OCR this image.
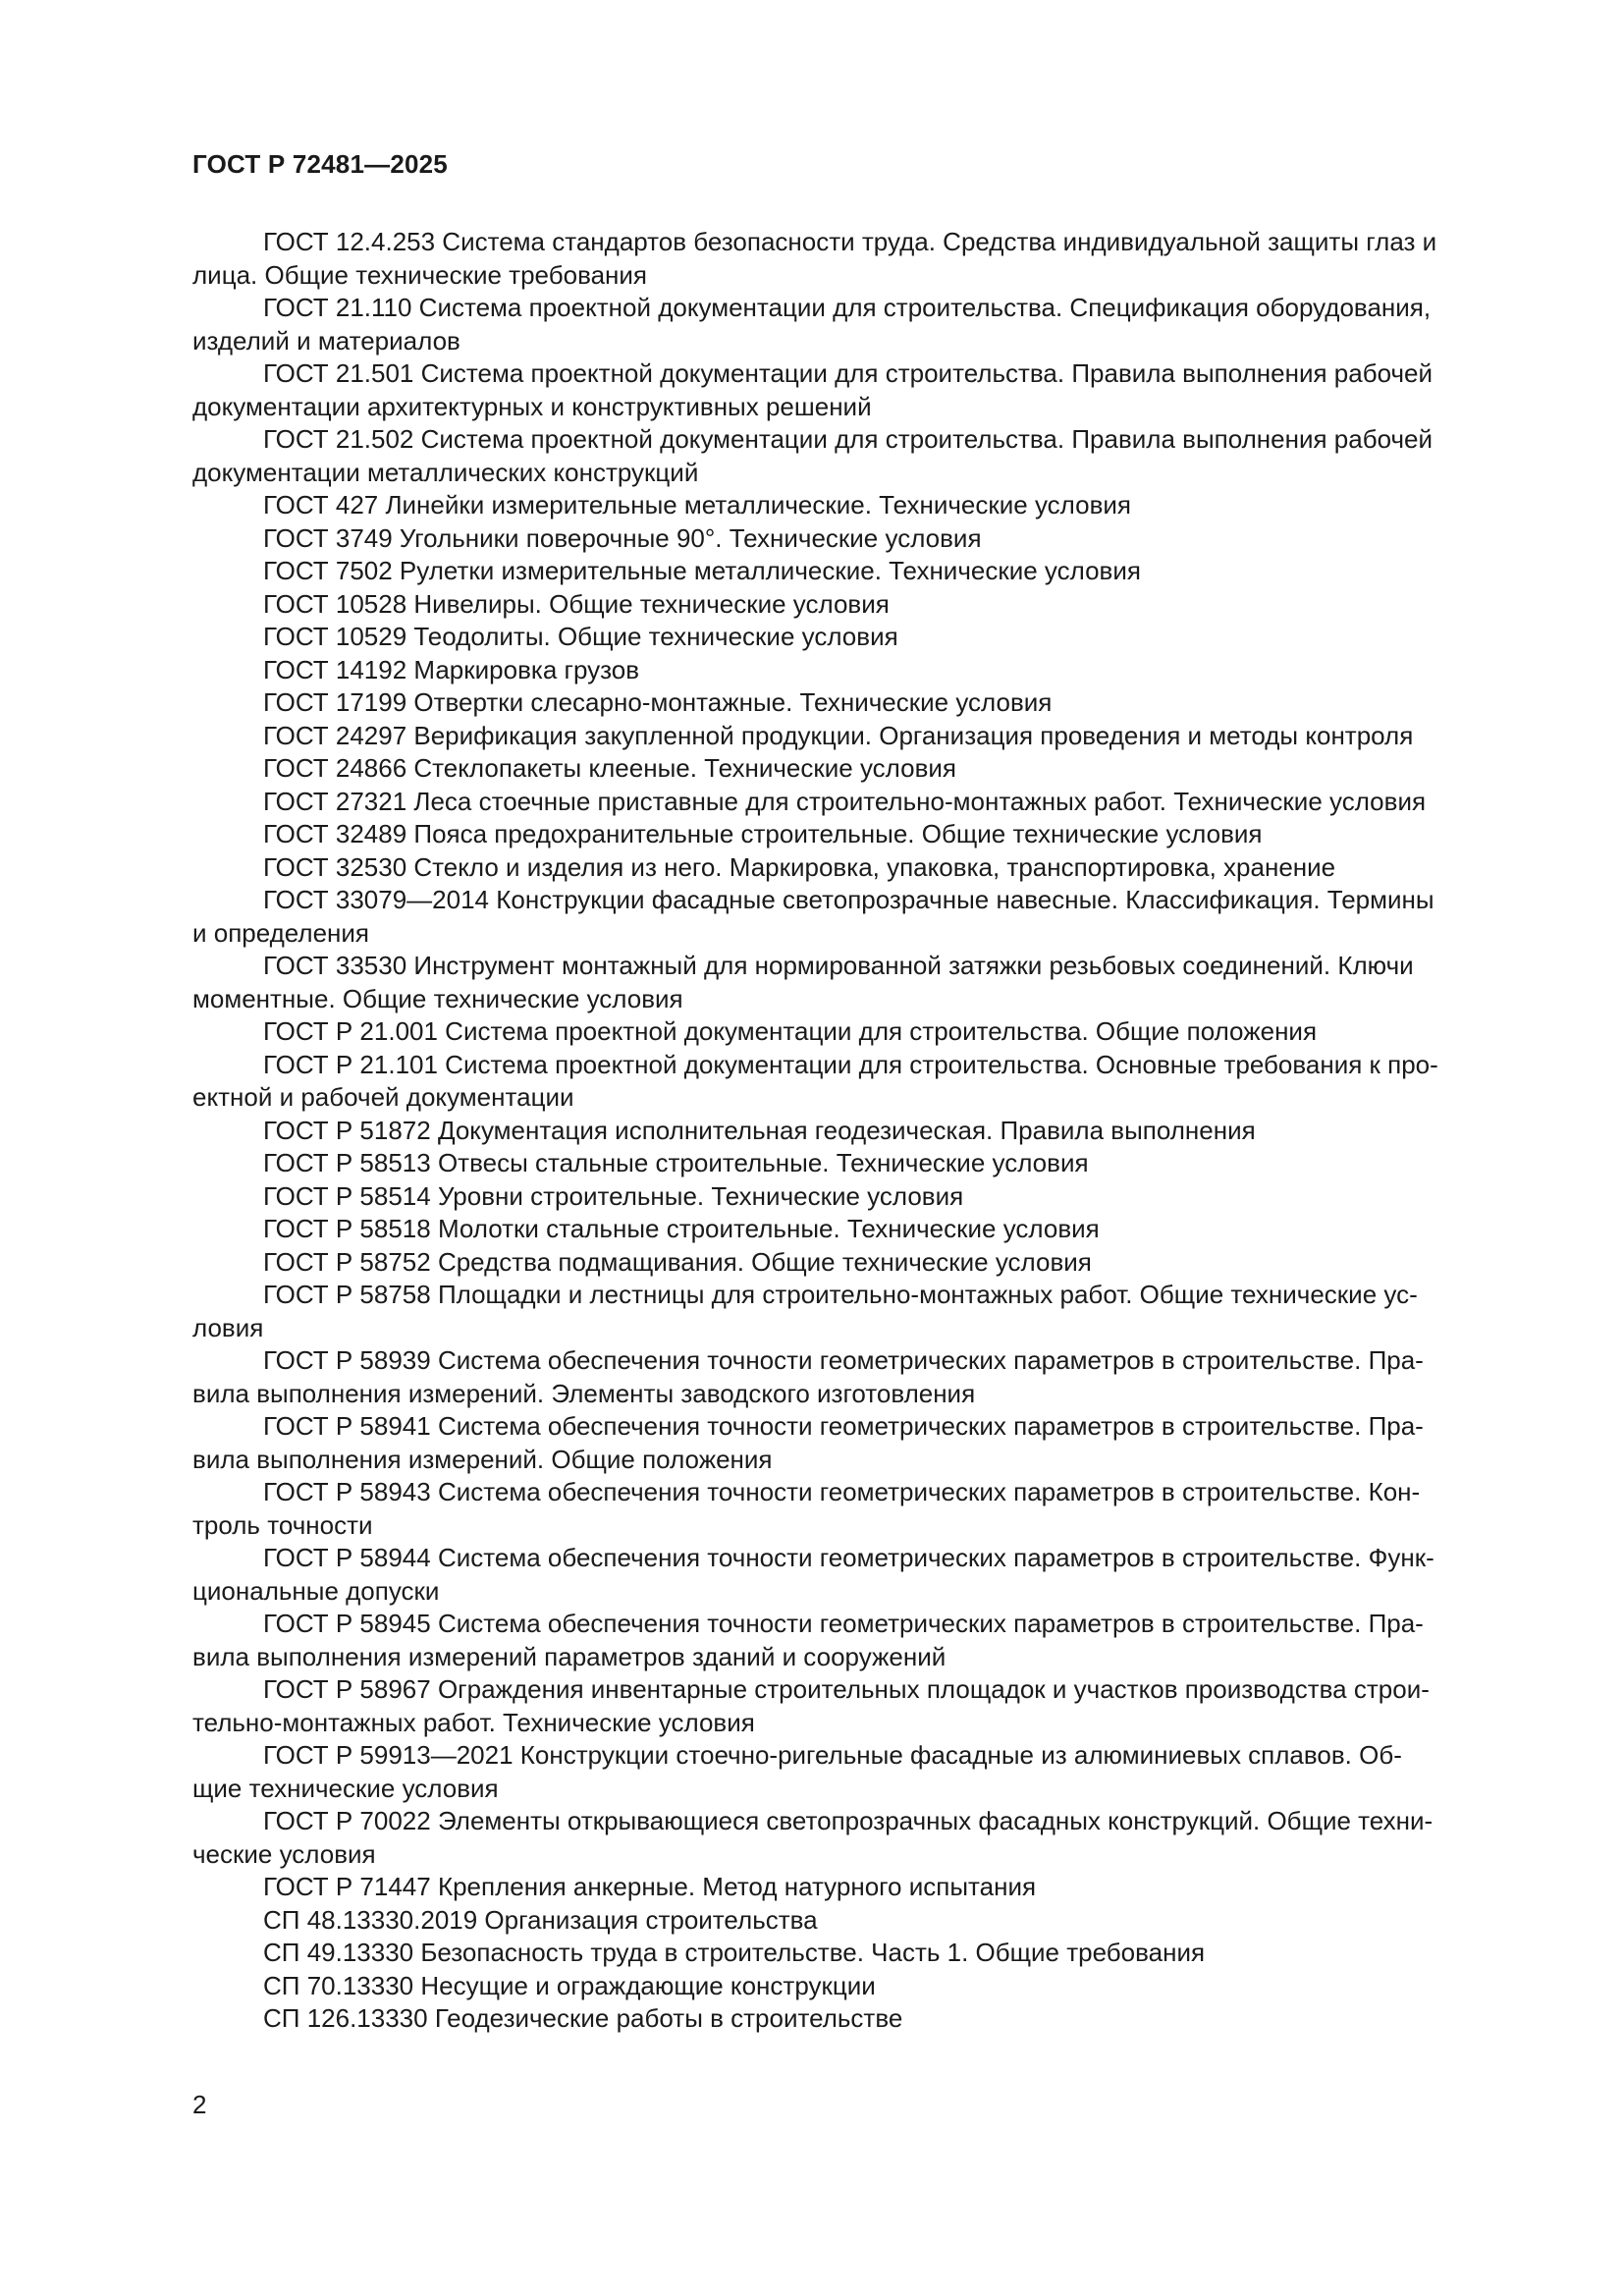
ГОСТ Р 72481—2025
ГОСТ 12.4.253 Система стандартов безопасности труда. Средства индивидуальной защиты глаз и
лица. Общие технические требования
ГОСТ 21.110 Система проектной документации для строительства. Спецификация оборудования,
изделий и материалов
ГОСТ 21.501 Система проектной документации для строительства. Правила выполнения рабочей
документации архитектурных и конструктивных решений
ГОСТ 21.502 Система проектной документации для строительства. Правила выполнения рабочей
документации металлических конструкций
ГОСТ 427 Линейки измерительные металлические. Технические условия
ГОСТ 3749 Угольники поверочные 90°. Технические условия
ГОСТ 7502 Рулетки измерительные металлические. Технические условия
ГОСТ 10528 Нивелиры. Общие технические условия
ГОСТ 10529 Теодолиты. Общие технические условия
ГОСТ 14192 Маркировка грузов
ГОСТ 17199 Отвертки слесарно-монтажные. Технические условия
ГОСТ 24297 Верификация закупленной продукции. Организация проведения и методы контроля
ГОСТ 24866 Стеклопакеты клееные. Технические условия
ГОСТ 27321 Леса стоечные приставные для строительно-монтажных работ. Технические условия
ГОСТ 32489 Пояса предохранительные строительные. Общие технические условия
ГОСТ 32530 Стекло и изделия из него. Маркировка, упаковка, транспортировка, хранение
ГОСТ 33079—2014 Конструкции фасадные светопрозрачные навесные. Классификация. Термины
и определения
ГОСТ 33530 Инструмент монтажный для нормированной затяжки резьбовых соединений. Ключи
моментные. Общие технические условия
ГОСТ Р 21.001 Система проектной документации для строительства. Общие положения
ГОСТ Р 21.101 Система проектной документации для строительства. Основные требования к про-
ектной и рабочей документации
ГОСТ Р 51872 Документация исполнительная геодезическая. Правила выполнения
ГОСТ Р 58513 Отвесы стальные строительные. Технические условия
ГОСТ Р 58514 Уровни строительные. Технические условия
ГОСТ Р 58518 Молотки стальные строительные. Технические условия
ГОСТ Р 58752 Средства подмащивания. Общие технические условия
ГОСТ Р 58758 Площадки и лестницы для строительно-монтажных работ. Общие технические ус-
ловия
ГОСТ Р 58939 Система обеспечения точности геометрических параметров в строительстве. Пра-
вила выполнения измерений. Элементы заводского изготовления
ГОСТ Р 58941 Система обеспечения точности геометрических параметров в строительстве. Пра-
вила выполнения измерений. Общие положения
ГОСТ Р 58943 Система обеспечения точности геометрических параметров в строительстве. Кон-
троль точности
ГОСТ Р 58944 Система обеспечения точности геометрических параметров в строительстве. Функ-
циональные допуски
ГОСТ Р 58945 Система обеспечения точности геометрических параметров в строительстве. Пра-
вила выполнения измерений параметров зданий и сооружений
ГОСТ Р 58967 Ограждения инвентарные строительных площадок и участков производства строи-
тельно-монтажных работ. Технические условия
ГОСТ Р 59913—2021 Конструкции стоечно-ригельные фасадные из алюминиевых сплавов. Об-
щие технические условия
ГОСТ Р 70022 Элементы открывающиеся светопрозрачных фасадных конструкций. Общие техни-
ческие условия
ГОСТ Р 71447 Крепления анкерные. Метод натурного испытания
СП 48.13330.2019 Организация строительства
СП 49.13330 Безопасность труда в строительстве. Часть 1. Общие требования
СП 70.13330 Несущие и ограждающие конструкции
СП 126.13330 Геодезические работы в строительстве
2
